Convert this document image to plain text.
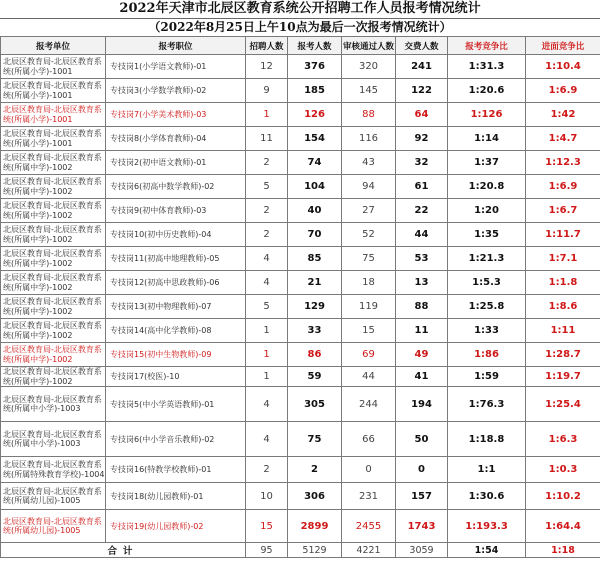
2022年天津市北辰区教育系统公开招聘工作人员报考情况统计
（2022年8月25日上午10点为最后一次报考情况统计）
报考单位	报考职位	招聘人数	报考人数	审核通过人数	交费人数	报考竞争比	进面竞争比
北辰区教育局-北辰区教育系统(所属小学)-1001	专技岗1(小学语文教师)-01	12	376	320	241	1:31.3	1:10.4
北辰区教育局-北辰区教育系统(所属小学)-1001	专技岗3(小学数学教师)-02	9	185	145	122	1:20.6	1:6.9
北辰区教育局-北辰区教育系统(所属小学)-1001	专技岗7(小学美术教师)-03	1	126	88	64	1:126	1:42
北辰区教育局-北辰区教育系统(所属小学)-1001	专技岗8(小学体育教师)-04	11	154	116	92	1:14	1:4.7
北辰区教育局-北辰区教育系统(所属中学)-1002	专技岗2(初中语文教师)-01	2	74	43	32	1:37	1:12.3
北辰区教育局-北辰区教育系统(所属中学)-1002	专技岗6(初高中数学教师)-02	5	104	94	61	1:20.8	1:6.9
北辰区教育局-北辰区教育系统(所属中学)-1002	专技岗9(初中体育教师)-03	2	40	27	22	1:20	1:6.7
北辰区教育局-北辰区教育系统(所属中学)-1002	专技岗10(初中历史教师)-04	2	70	52	44	1:35	1:11.7
北辰区教育局-北辰区教育系统(所属中学)-1002	专技岗11(初高中地理教师)-05	4	85	75	53	1:21.3	1:7.1
北辰区教育局-北辰区教育系统(所属中学)-1002	专技岗12(初高中思政教师)-06	4	21	18	13	1:5.3	1:1.8
北辰区教育局-北辰区教育系统(所属中学)-1002	专技岗13(初中物理教师)-07	5	129	119	88	1:25.8	1:8.6
北辰区教育局-北辰区教育系统(所属中学)-1002	专技岗14(高中化学教师)-08	1	33	15	11	1:33	1:11
北辰区教育局-北辰区教育系统(所属中学)-1002	专技岗15(初中生物教师)-09	1	86	69	49	1:86	1:28.7
北辰区教育局-北辰区教育系统(所属中学)-1002	专技岗17(校医)-10	1	59	44	41	1:59	1:19.7
北辰区教育局-北辰区教育系统(所属中小学)-1003	专技岗5(中小学英语教师)-01	4	305	244	194	1:76.3	1:25.4
北辰区教育局-北辰区教育系统(所属中小学)-1003	专技岗6(中小学音乐教师)-02	4	75	66	50	1:18.8	1:6.3
北辰区教育局-北辰区教育系统(所属特殊教育学校)-1004	专技岗16(特教学校教师)-01	2	2	0	0	1:1	1:0.3
北辰区教育局-北辰区教育系统(所属幼儿园)-1005	专技岗18(幼儿园教师)-01	10	306	231	157	1:30.6	1:10.2
北辰区教育局-北辰区教育系统(所属幼儿园)-1005	专技岗19(幼儿园教师)-02	15	2899	2455	1743	1:193.3	1:64.4
合计		95	5129	4221	3059	1:54	1:18
